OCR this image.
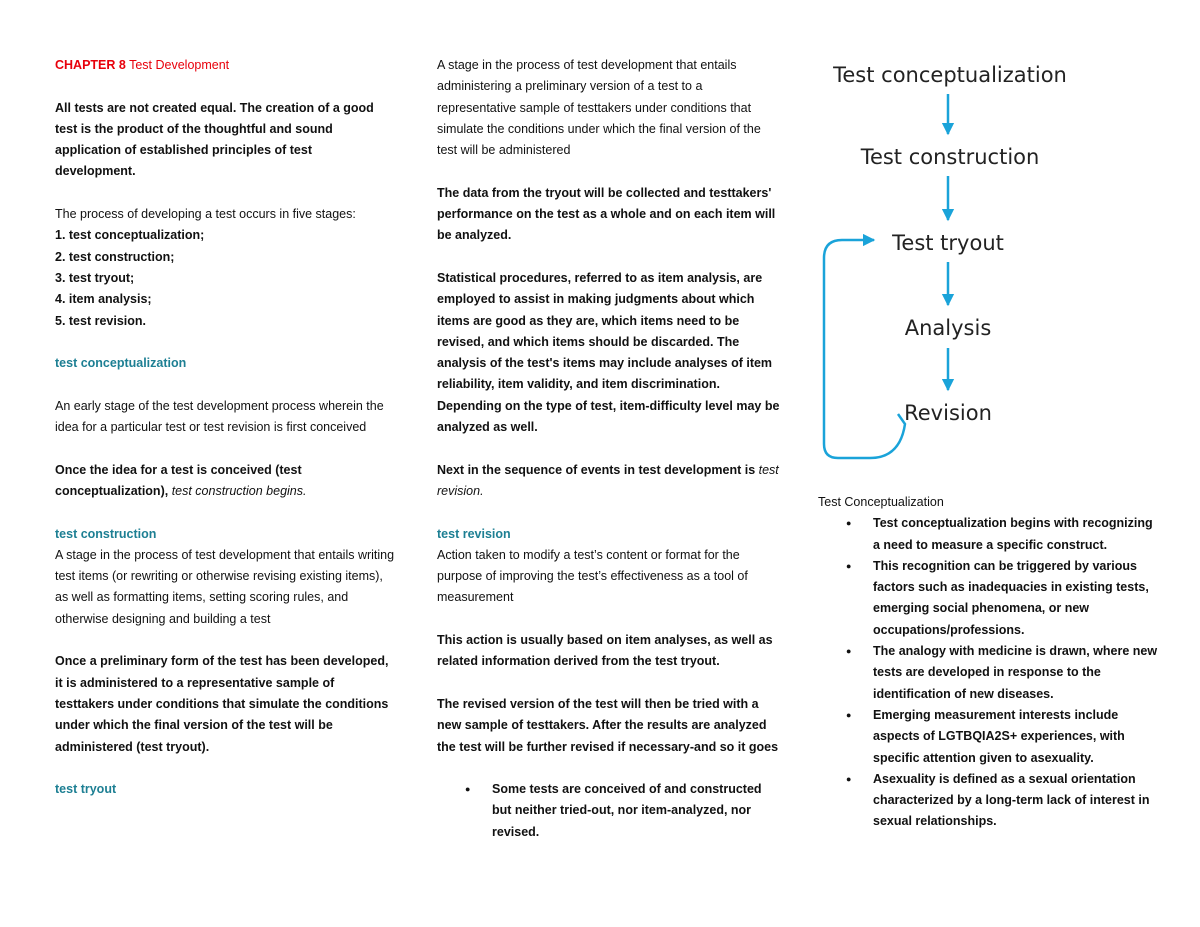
CHAPTER 8 Test Development

All tests are not created equal. The creation of a good test is the product of the thoughtful and sound application of established principles of test development.

The process of developing a test occurs in five stages:

1. test conceptualization;

2. test construction;

3. test tryout;

4. item analysis;

5. test revision.

test conceptualization

An early stage of the test development process wherein the idea for a particular test or test revision is first conceived

Once the idea for a test is conceived (test conceptualization), test construction begins.

test construction

A stage in the process of test development that entails writing test items (or rewriting or otherwise revising existing items), as well as formatting items, setting scoring rules, and otherwise designing and building a test

Once a preliminary form of the test has been developed, it is administered to a representative sample of testtakers under conditions that simulate the conditions under which the final version of the test will be administered (test tryout).

test tryout

A stage in the process of test development that entails administering a preliminary version of a test to a representative sample of testtakers under conditions that simulate the conditions under which the final version of the test will be administered

The data from the tryout will be collected and testtakers' performance on the test as a whole and on each item will be analyzed.

Statistical procedures, referred to as item analysis, are employed to assist in making judgments about which items are good as they are, which items need to be revised, and which items should be discarded. The analysis of the test's items may include analyses of item reliability, item validity, and item discrimination. Depending on the type of test, item-difficulty level may be analyzed as well.

Next in the sequence of events in test development is test revision.

test revision

Action taken to modify a test’s content or format for the purpose of improving the test’s effectiveness as a tool of measurement

This action is usually based on item analyses, as well as related information derived from the test tryout.

The revised version of the test will then be tried with a new sample of testtakers. After the results are analyzed the test will be further revised if necessary-and so it goes

● Some tests are conceived of and constructed but neither tried-out, nor item-analyzed, nor revised.
Test conceptualization
Test construction
Test tryout
Analysis
Revision

Test Conceptualization

● Test conceptualization begins with recognizing a need to measure a specific construct.
● This recognition can be triggered by various factors such as inadequacies in existing tests, emerging social phenomena, or new occupations/professions.
● The analogy with medicine is drawn, where new tests are developed in response to the identification of new diseases.
● Emerging measurement interests include aspects of LGTBQIA2S+ experiences, with specific attention given to asexuality.
● Asexuality is defined as a sexual orientation characterized by a long-term lack of interest in sexual relationships.
